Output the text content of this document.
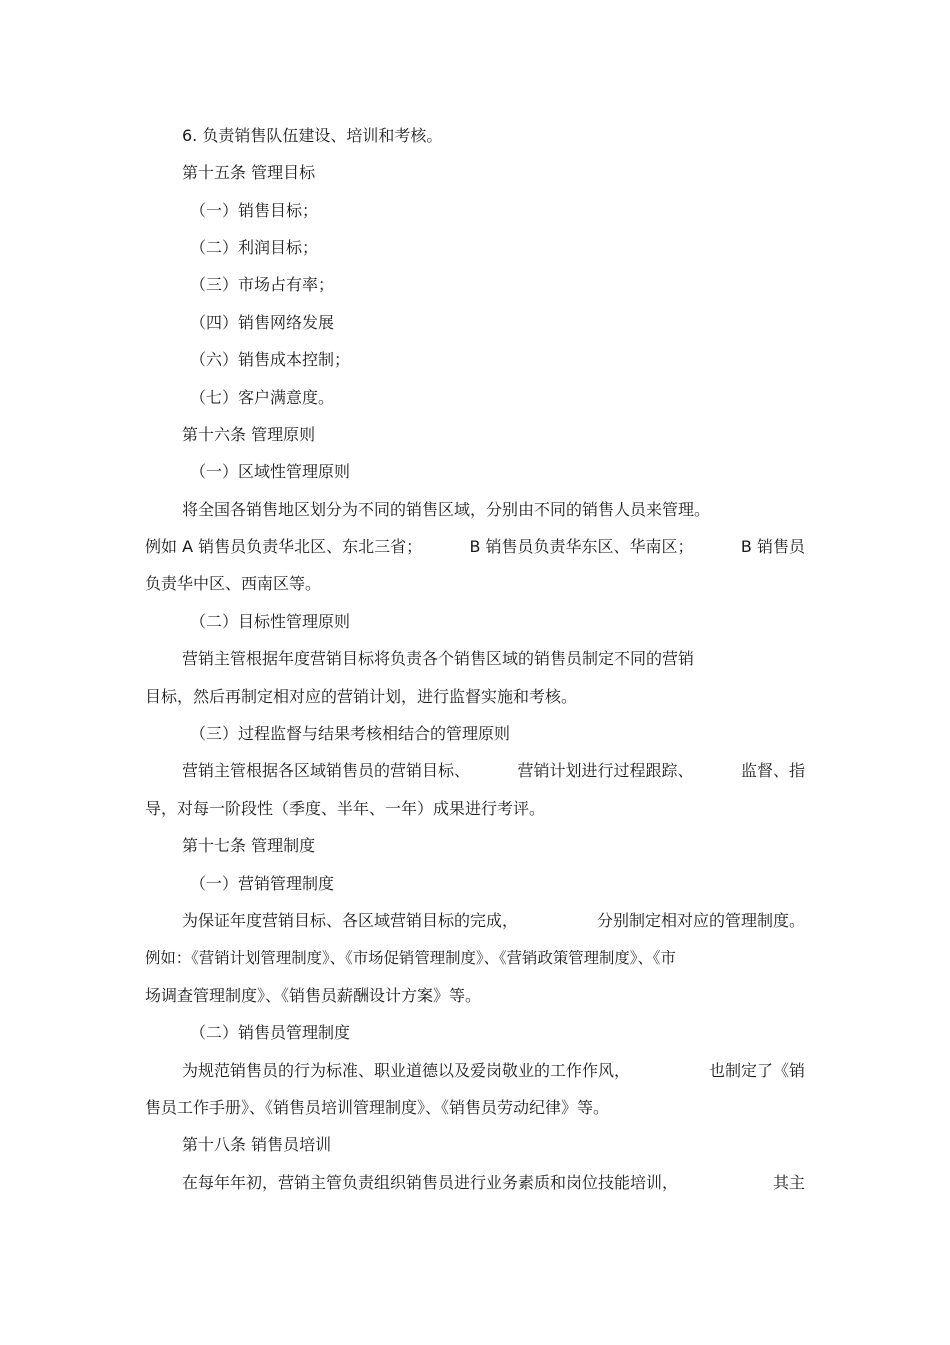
6. 负责销售队伍建设、培训和考核。

第十五条 管理目标

（一）销售目标；

（二）利润目标；

（三）市场占有率；

（四）销售网络发展

（六）销售成本控制；

（七）客户满意度。

第十六条 管理原则

（一）区域性管理原则

将全国各销售地区划分为不同的销售区域，分别由不同的销售人员来管理。

例如 A 销售员负责华北区、东北三省；	B 销售员负责华东区、华南区；	B 销售员

负责华中区、西南区等。

（二）目标性管理原则

营销主管根据年度营销目标将负责各个销售区域的销售员制定不同的营销

目标，然后再制定相对应的营销计划，进行监督实施和考核。

（三）过程监督与结果考核相结合的管理原则

营销主管根据各区域销售员的营销目标、	营销计划进行过程跟踪、	监督、指

导，对每一阶段性（季度、半年、一年）成果进行考评。

第十七条 管理制度

（一）营销管理制度

为保证年度营销目标、各区域营销目标的完成，	分别制定相对应的管理制度。

例如：《营销计划管理制度》、《市场促销管理制度》、《营销政策管理制度》、《市

场调查管理制度》、《销售员薪酬设计方案》等。

（二）销售员管理制度

为规范销售员的行为标准、职业道德以及爱岗敬业的工作作风，	也制定了《销

售员工作手册》、《销售员培训管理制度》、《销售员劳动纪律》等。

第十八条 销售员培训

在每年年初，营销主管负责组织销售员进行业务素质和岗位技能培训，	其主
